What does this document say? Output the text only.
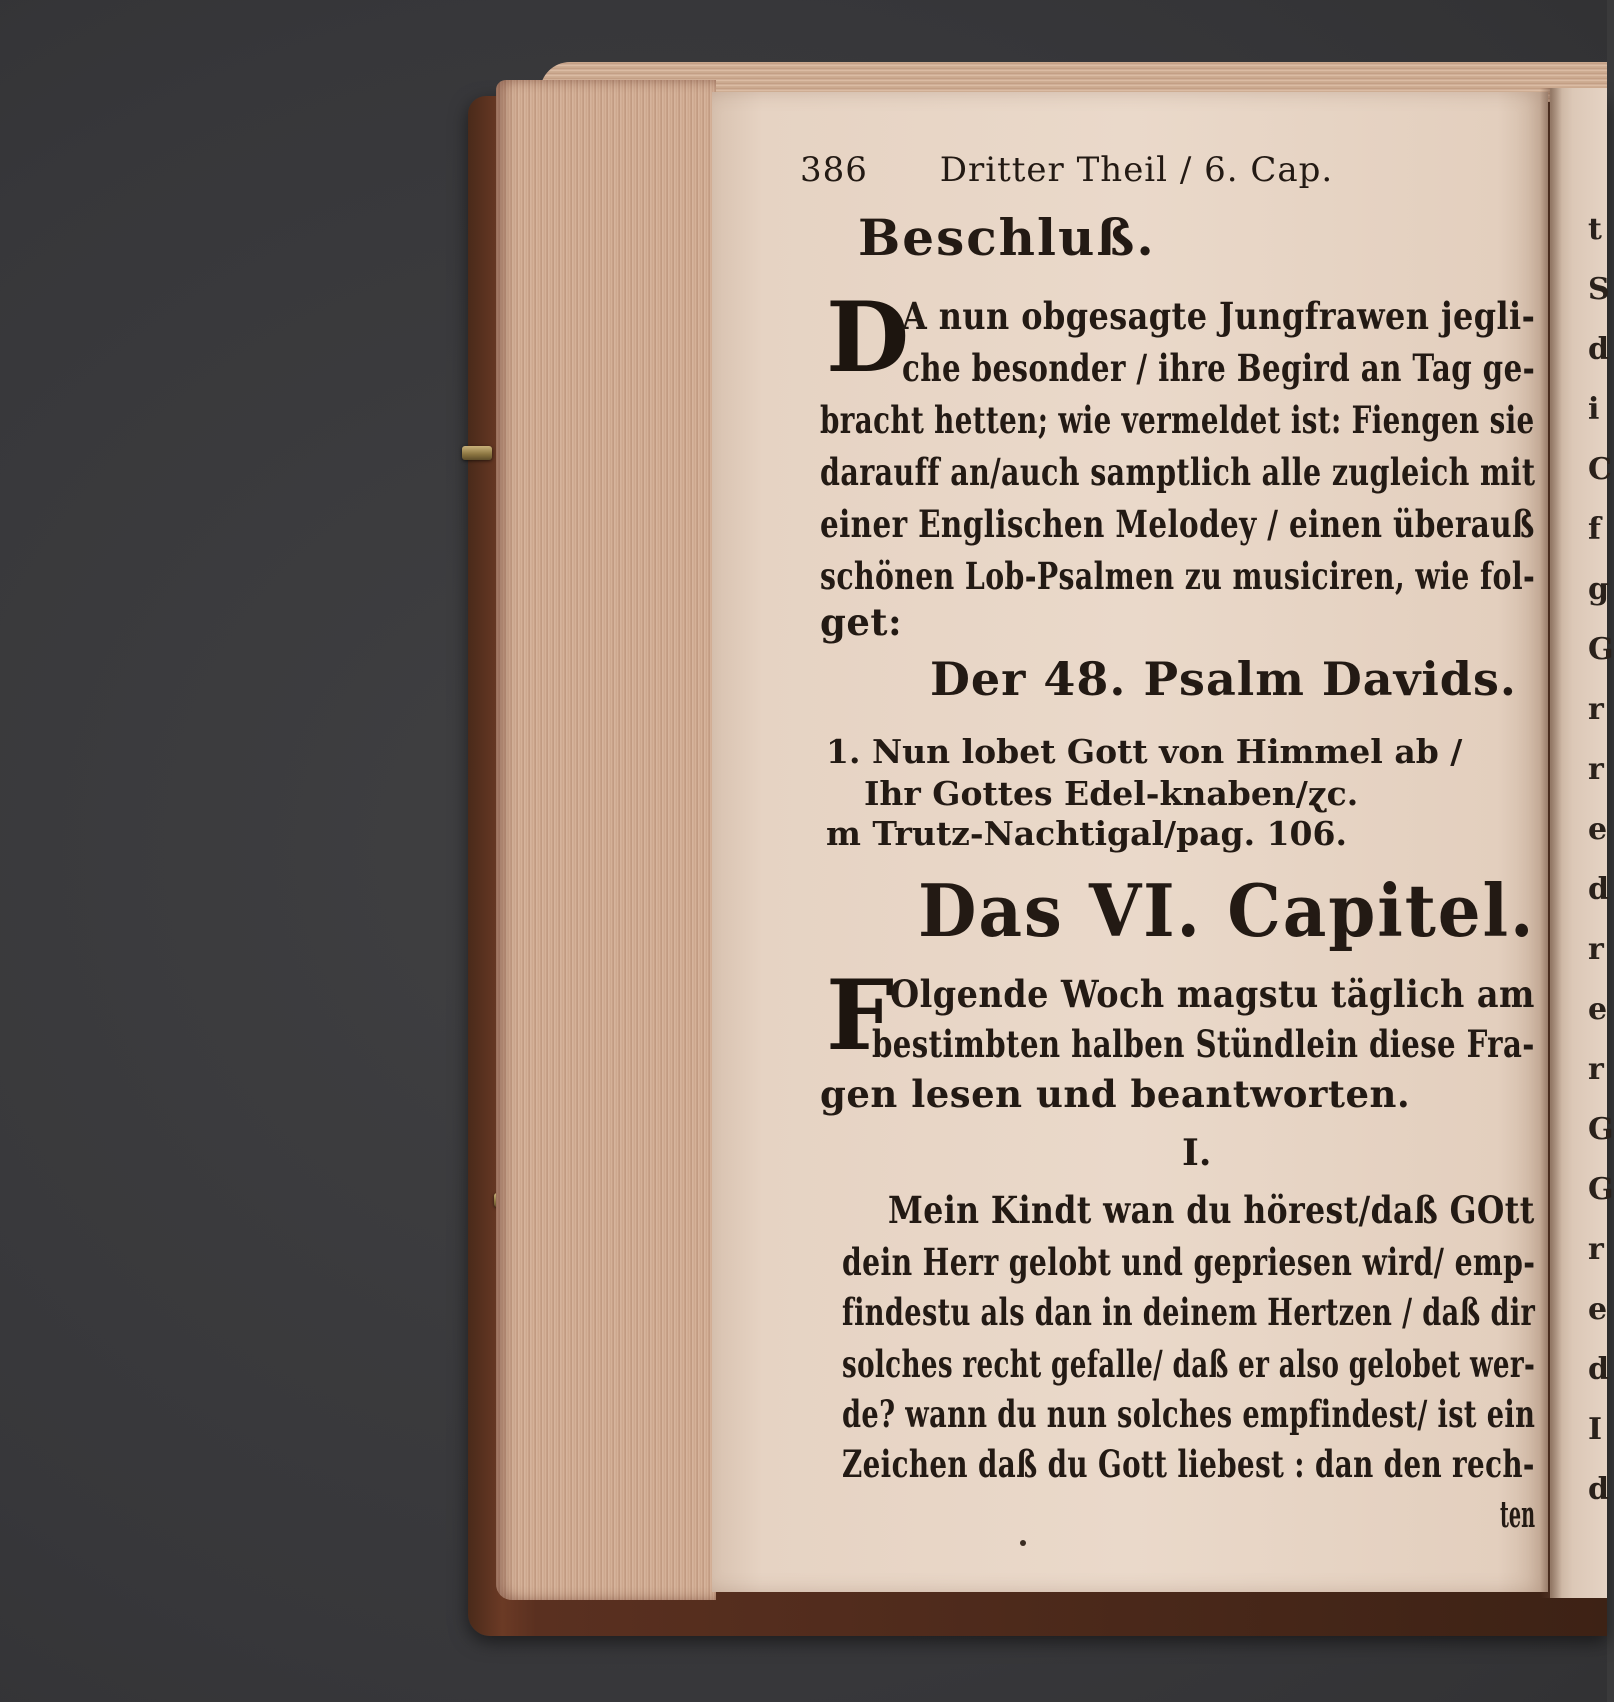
t
S
d
i
C
f
g
G
r
r
e
d
r
e
r
G
G
r
e
d
I
d
386 Dritter Theil / 6. Cap.
Beschluß.
D
A nun obgesagte Jungfrawen jegli-
che besonder / ihre Begird an Tag ge-
bracht hetten; wie vermeldet ist: Fiengen sie
darauff an/auch samptlich alle zugleich mit
einer Englischen Melodey / einen überauß
schönen Lob-Psalmen zu musiciren, wie fol-
get:
Der 48. Psalm Davids.
1. Nun lobet Gott von Himmel ab /
Ihr Gottes Edel-knaben/ɀc.
m Trutz-Nachtigal/pag. 106.
Das VI. Capitel.
F
Olgende Woch magstu täglich am
bestimbten halben Stündlein diese Fra-
gen lesen und beantworten.
I.
Mein Kindt wan du hörest/daß GOtt
dein Herr gelobt und gepriesen wird/ emp-
findestu als dan in deinem Hertzen / daß dir
solches recht gefalle/ daß er also gelobet wer-
de? wann du nun solches empfindest/ ist ein
Zeichen daß du Gott liebest : dan den rech-
ten
